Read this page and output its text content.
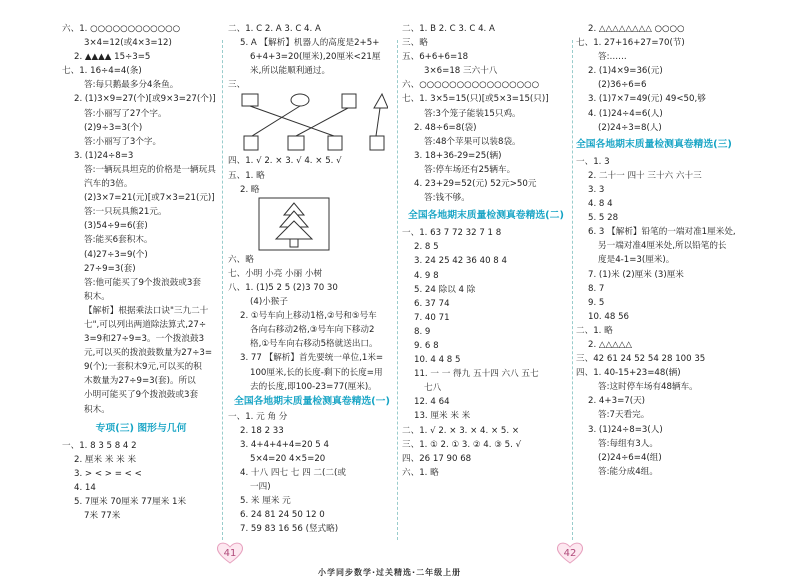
六、1. ○○○○○○○○○○○○
3×4=12(或4×3=12)
2. ▲▲▲▲ 15÷3=5
七、1. 16÷4=4(条)
答:每只鹅最多分4条鱼。
2. (1)3×9=27(个)[或9×3=27(个)]
答:小丽写了27个字。
(2)9÷3=3(个)
答:小丽写了3个字。
3. (1)24÷8=3
答:一辆玩具坦克的价格是一辆玩具
汽车的3倍。
(2)3×7=21(元)[或7×3=21(元)]
答:一只玩具熊21元。
(3)54÷9=6(套)
答:能买6套积木。
(4)27÷3=9(个)
27÷9=3(套)
答:他可能买了9个拨浪鼓或3套
积木。
【解析】根据乘法口诀"三九二十
七",可以列出两道除法算式,27÷
3=9和27÷9=3。一个拨浪鼓3
元,可以买的拨浪鼓数量为27÷3=
9(个);一套积木9元,可以买的积
木数量为27÷9=3(套)。所以
小明可能买了9个拨浪鼓或3套
积木。
专项(三) 图形与几何
一、1. 8 3 5 8 4 2
2. 厘米 米 米 米
3. > < > = < <
4. 14
5. 7厘米 70厘米 77厘米 1米
7米 77米
二、1. C 2. A 3. C 4. A
5. A 【解析】机器人的高度是2+5+
6+4+3=20(厘米),20厘米<21厘
米,所以能顺利通过。
三、
四、1. √ 2. × 3. √ 4. × 5. √
五、1. 略
2. 略
六、略
七、小明 小亮 小丽 小树
八、1. (1)5 2 5 (2)3 70 30
(4)小猴子
2. ①号车向上移动1格,②号和⑤号车
各向右移动2格,③号车向下移动2
格,①号车向右移动5格就送出口。
3. 77 【解析】首先要统一单位,1米=
100厘米,长的长度-剩下的长度=用
去的长度,即100-23=77(厘米)。
全国各地期末质量检测真卷精选(一)
一、1. 元 角 分
2. 18 2 33
3. 4+4+4+4=20 5 4
5×4=20 4×5=20
4. 十八 四七 七 四 二(二(或
一四)
5. 米 厘米 元
6. 24 81 24 50 12 0
7. 59 83 16 56 (竖式略)
二、1. B 2. C 3. C 4. A
三、略
五、6+6+6=18
3×6=18 三六十八
六、○○○○○○○○○○○○○○○○
七、1. 3×5=15(只)[或5×3=15(只)]
答:3个笼子能装15只鸡。
2. 48÷6=8(袋)
答:48个苹果可以装8袋。
3. 18+36-29=25(辆)
答:停车场还有25辆车。
4. 23+29=52(元) 52元>50元
答:钱不够。
全国各地期末质量检测真卷精选(二)
一、1. 63 7 72 32 7 1 8
2. 8 5
3. 24 25 42 36 40 8 4
4. 9 8
5. 24 除以 4 除
6. 37 74
7. 40 71
8. 9
9. 6 8
10. 4 4 8 5
11. 一 一 得九 五十四 六八 五七
七八
12. 4 64
13. 厘米 米 米
二、1. √ 2. × 3. × 4. × 5. ×
三、1. ① 2. ① 3. ② 4. ③ 5. √
四、26 17 90 68
六、1. 略
2. △△△△△△△△ ○○○○
七、1. 27+16+27=70(节)
答:……
2. (1)4×9=36(元)
(2)36÷6=6
3. (1)7×7=49(元) 49<50,够
4. (1)24÷4=6(人)
(2)24÷3=8(人)
全国各地期末质量检测真卷精选(三)
一、1. 3
2. 二十一 四十 三十六 六十三
3. 3
4. 8 4
5. 5 28
6. 3 【解析】铅笔的一端对准1厘米处,
另一端对准4厘米处,所以铅笔的长
度是4-1=3(厘米)。
7. (1)米 (2)厘米 (3)厘米
8. 7
9. 5
10. 48 56
二、1. 略
2. △△△△△
三、42 61 24 52 54 28 100 35
四、1. 40-15+23=48(辆)
答:这时停车场有48辆车。
2. 4+3=7(天)
答:7天看完。
3. (1)24÷8=3(人)
答:每组有3人。
(2)24÷6=4(组)
答:能分成4组。
41	42
小学同步数学·过关精选·二年级上册
